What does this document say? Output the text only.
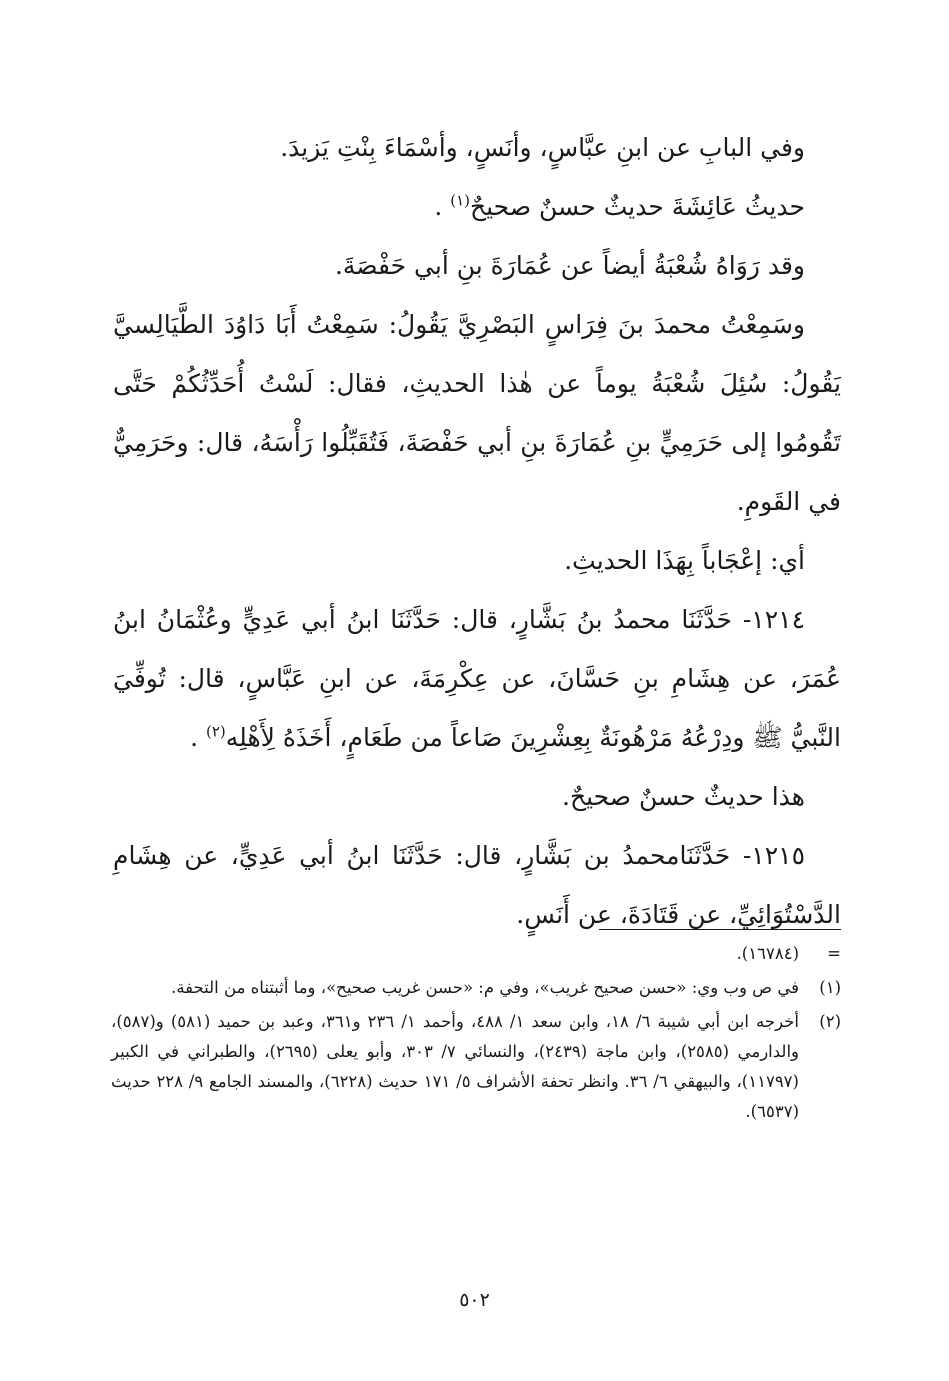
وفي البابِ عن ابنِ عبَّاسٍ، وأنَسٍ، وأسْمَاءَ بِنْتِ يَزيدَ.

حديثُ عَائِشَةَ حديثٌ حسنٌ صحيحٌ$^{(١)}$ .

وقد رَوَاهُ شُعْبَةُ أيضاً عن عُمَارَةَ بنِ أبي حَفْصَةَ.

وسَمِعْتُ محمدَ بنَ فِرَاسٍ البَصْرِيَّ يَقُولُ: سَمِعْتُ أَبَا دَاوُدَ الطَّيَالِسيَّ يَقُولُ: سُئِلَ شُعْبَةُ يوماً عن هٰذا الحديثِ، فقال: لَسْتُ أُحَدِّثُكُمْ حَتَّى تَقُومُوا إلى حَرَمِيٍّ بنِ عُمَارَةَ بنِ أبي حَفْصَةَ، فَتُقَبِّلُوا رَأْسَهُ، قال: وحَرَمِيٌّ في القَومِ.

أي: إعْجَاباً بِهَذَا الحديثِ.

١٢١٤- حَدَّثَنَا محمدُ بنُ بَشَّارٍ، قال: حَدَّثَنَا ابنُ أبي عَدِيٍّ وعُثْمَانُ ابنُ عُمَرَ، عن هِشَامِ بنِ حَسَّانَ، عن عِكْرِمَةَ، عن ابنِ عَبَّاسٍ، قال: تُوفِّيَ النَّبيُّ ﷺ ودِرْعُهُ مَرْهُونَةٌ بِعِشْرِينَ صَاعاً من طَعَامٍ، أَخَذَهُ لِأَهْلِه$^{(٢)}$ .

هذا حديثٌ حسنٌ صحيحٌ.

١٢١٥- حَدَّثَنَامحمدُ بن بَشَّارٍ، قال: حَدَّثَنَا ابنُ أبي عَدِيٍّ، عن هِشَامِ الدَّسْتُوَائِيِّ، عن قَتَادَةَ، عن أَنَسٍ.

=
(١٦٧٨٤).
(١)
في ص وب وي: «حسن صحيح غريب»، وفي م: «حسن غريب صحيح»، وما أثبتناه من التحفة.
(٢)
أخرجه ابن أبي شيبة ٦/ ١٨، وابن سعد ١/ ٤٨٨، وأحمد ١/ ٢٣٦ و٣٦١، وعبد بن حميد (٥٨١) و(٥٨٧)، والدارمي (٢٥٨٥)، وابن ماجة (٢٤٣٩)، والنسائي ٧/ ٣٠٣، وأبو يعلى (٢٦٩٥)، والطبراني في الكبير (١١٧٩٧)، والبيهقي ٦/ ٣٦. وانظر تحفة الأشراف ٥/ ١٧١ حديث (٦٢٢٨)، والمسند الجامع ٩/ ٢٢٨ حديث (٦٥٣٧).
٥٠٢
